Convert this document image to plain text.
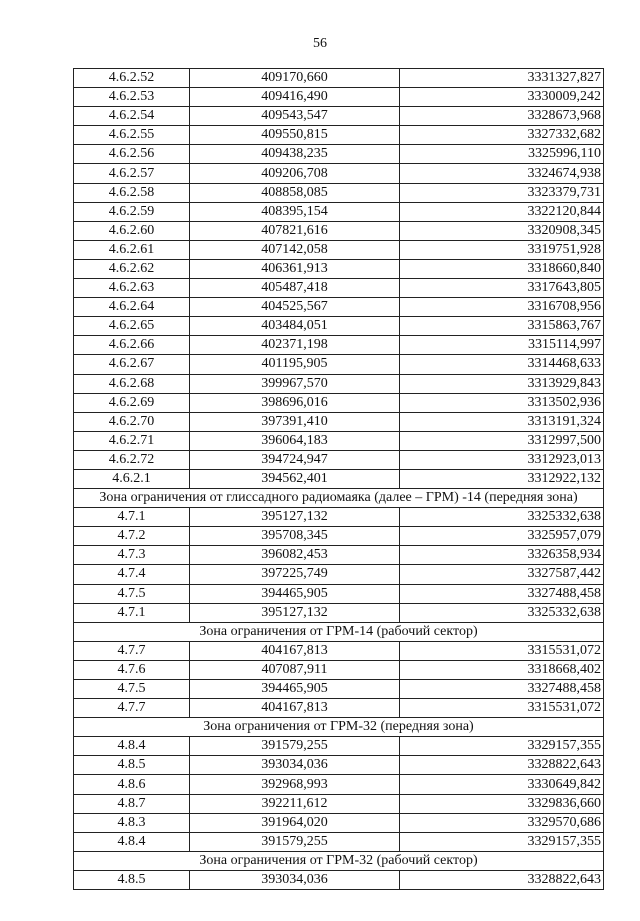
56
4.6.2.52	409170,660	3331327,827
4.6.2.53	409416,490	3330009,242
4.6.2.54	409543,547	3328673,968
4.6.2.55	409550,815	3327332,682
4.6.2.56	409438,235	3325996,110
4.6.2.57	409206,708	3324674,938
4.6.2.58	408858,085	3323379,731
4.6.2.59	408395,154	3322120,844
4.6.2.60	407821,616	3320908,345
4.6.2.61	407142,058	3319751,928
4.6.2.62	406361,913	3318660,840
4.6.2.63	405487,418	3317643,805
4.6.2.64	404525,567	3316708,956
4.6.2.65	403484,051	3315863,767
4.6.2.66	402371,198	3315114,997
4.6.2.67	401195,905	3314468,633
4.6.2.68	399967,570	3313929,843
4.6.2.69	398696,016	3313502,936
4.6.2.70	397391,410	3313191,324
4.6.2.71	396064,183	3312997,500
4.6.2.72	394724,947	3312923,013
4.6.2.1	394562,401	3312922,132
Зона ограничения от глиссадного радиомаяка (далее – ГРМ) -14 (передняя зона)		
4.7.1	395127,132	3325332,638
4.7.2	395708,345	3325957,079
4.7.3	396082,453	3326358,934
4.7.4	397225,749	3327587,442
4.7.5	394465,905	3327488,458
4.7.1	395127,132	3325332,638
Зона ограничения от ГРМ-14 (рабочий сектор)		
4.7.7	404167,813	3315531,072
4.7.6	407087,911	3318668,402
4.7.5	394465,905	3327488,458
4.7.7	404167,813	3315531,072
Зона ограничения от ГРМ-32 (передняя зона)		
4.8.4	391579,255	3329157,355
4.8.5	393034,036	3328822,643
4.8.6	392968,993	3330649,842
4.8.7	392211,612	3329836,660
4.8.3	391964,020	3329570,686
4.8.4	391579,255	3329157,355
Зона ограничения от ГРМ-32 (рабочий сектор)		
4.8.5	393034,036	3328822,643
